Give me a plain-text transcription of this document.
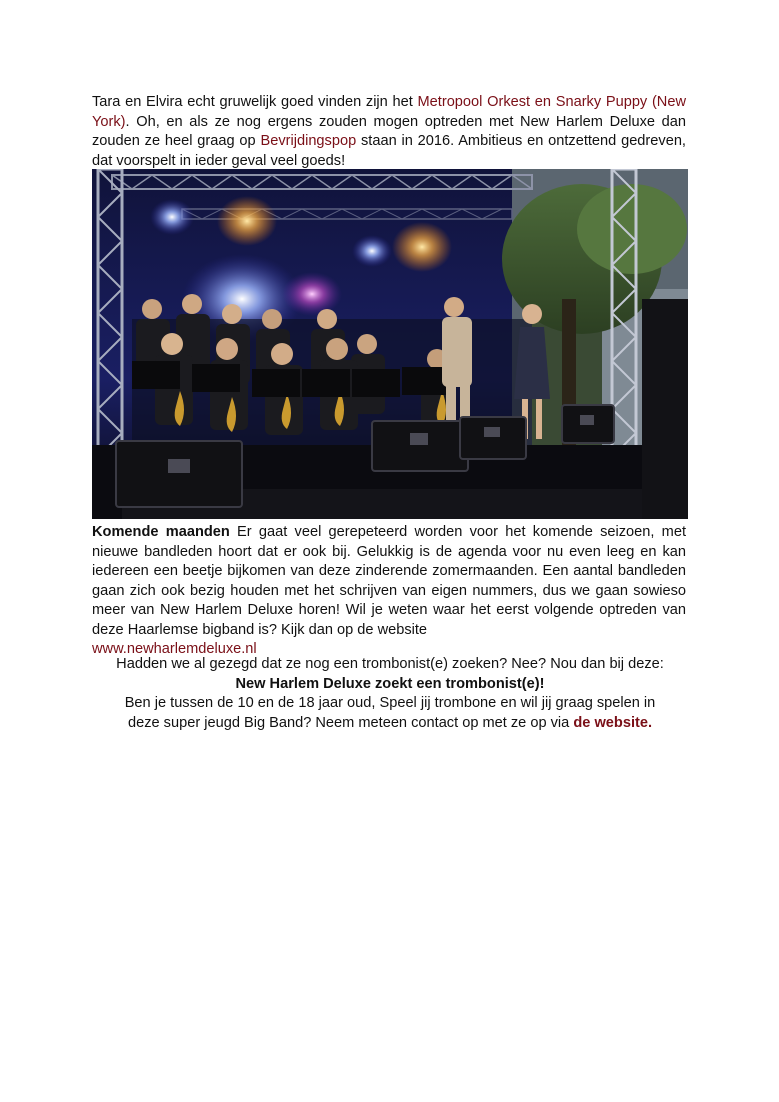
Tara en Elvira echt gruwelijk goed vinden zijn het Metropool Orkest en Snarky Puppy (New York). Oh, en als ze nog ergens zouden mogen optreden met New Harlem Deluxe dan zouden ze heel graag op Bevrijdingspop staan in 2016. Ambitieus en ontzettend gedreven, dat voorspelt in ieder geval veel goeds!

Komende maanden Er gaat veel gerepeteerd worden voor het komende seizoen, met nieuwe bandleden hoort dat er ook bij. Gelukkig is de agenda voor nu even leeg en kan iedereen een beetje bijkomen van deze zinderende zomermaanden. Een aantal bandleden gaan zich ook bezig houden met het schrijven van eigen nummers, dus we gaan sowieso meer van New Harlem Deluxe horen! Wil je weten waar het eerst volgende optreden van deze Haarlemse bigband is? Kijk dan op de website
www.newharlemdeluxe.nl

Hadden we al gezegd dat ze nog een trombonist(e) zoeken? Nee? Nou dan bij deze:
New Harlem Deluxe zoekt een trombonist(e)!
Ben je tussen de 10 en de 18 jaar oud, Speel jij trombone en wil jij graag spelen in
deze super jeugd Big Band? Neem meteen contact op met ze op via de website.
